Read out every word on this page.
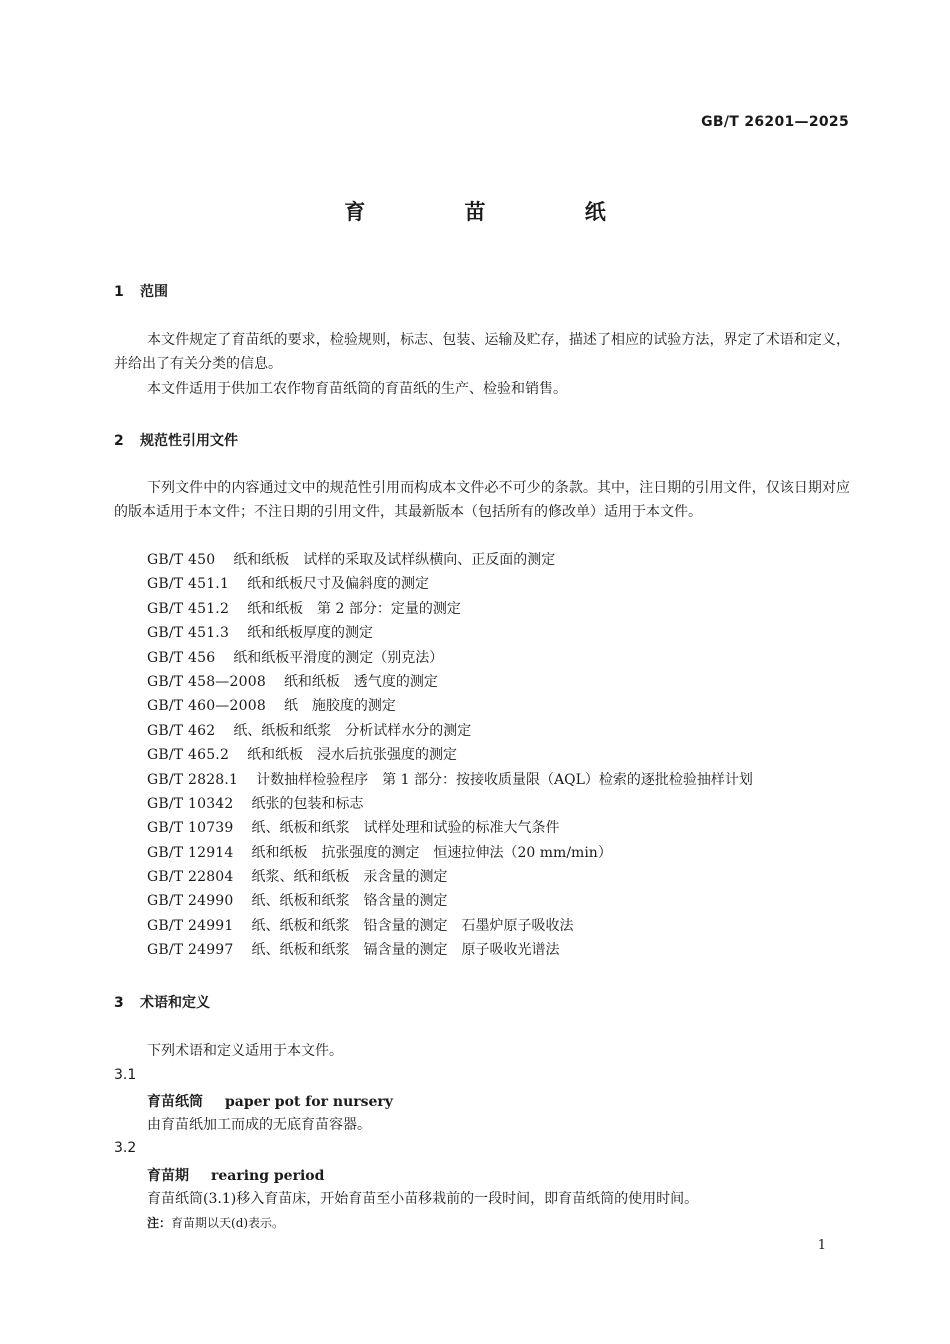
GB/T 26201—2025
育 苗 纸
1 范围
本文件规定了育苗纸的要求，检验规则，标志、包装、运输及贮存，描述了相应的试验方法，界定了术语和定义，并给出了有关分类的信息。
本文件适用于供加工农作物育苗纸筒的育苗纸的生产、检验和销售。
2 规范性引用文件
下列文件中的内容通过文中的规范性引用而构成本文件必不可少的条款。其中，注日期的引用文件，仅该日期对应的版本适用于本文件；不注日期的引用文件，其最新版本（包括所有的修改单）适用于本文件。
GB/T 450 纸和纸板　试样的采取及试样纵横向、正反面的测定
GB/T 451.1 纸和纸板尺寸及偏斜度的测定
GB/T 451.2 纸和纸板　第 2 部分：定量的测定
GB/T 451.3 纸和纸板厚度的测定
GB/T 456 纸和纸板平滑度的测定（别克法）
GB/T 458—2008 纸和纸板　透气度的测定
GB/T 460—2008 纸　施胶度的测定
GB/T 462 纸、纸板和纸浆　分析试样水分的测定
GB/T 465.2 纸和纸板　浸水后抗张强度的测定
GB/T 2828.1 计数抽样检验程序　第 1 部分：按接收质量限（AQL）检索的逐批检验抽样计划
GB/T 10342 纸张的包装和标志
GB/T 10739 纸、纸板和纸浆　试样处理和试验的标准大气条件
GB/T 12914 纸和纸板　抗张强度的测定　恒速拉伸法（20 mm/min）
GB/T 22804 纸浆、纸和纸板　汞含量的测定
GB/T 24990 纸、纸板和纸浆　铬含量的测定
GB/T 24991 纸、纸板和纸浆　铅含量的测定　石墨炉原子吸收法
GB/T 24997 纸、纸板和纸浆　镉含量的测定　原子吸收光谱法
3 术语和定义
下列术语和定义适用于本文件。
3.1
育苗纸筒 paper pot for nursery
由育苗纸加工而成的无底育苗容器。
3.2
育苗期 rearing period
育苗纸筒(3.1)移入育苗床，开始育苗至小苗移栽前的一段时间，即育苗纸筒的使用时间。
注：育苗期以天(d)表示。
1
